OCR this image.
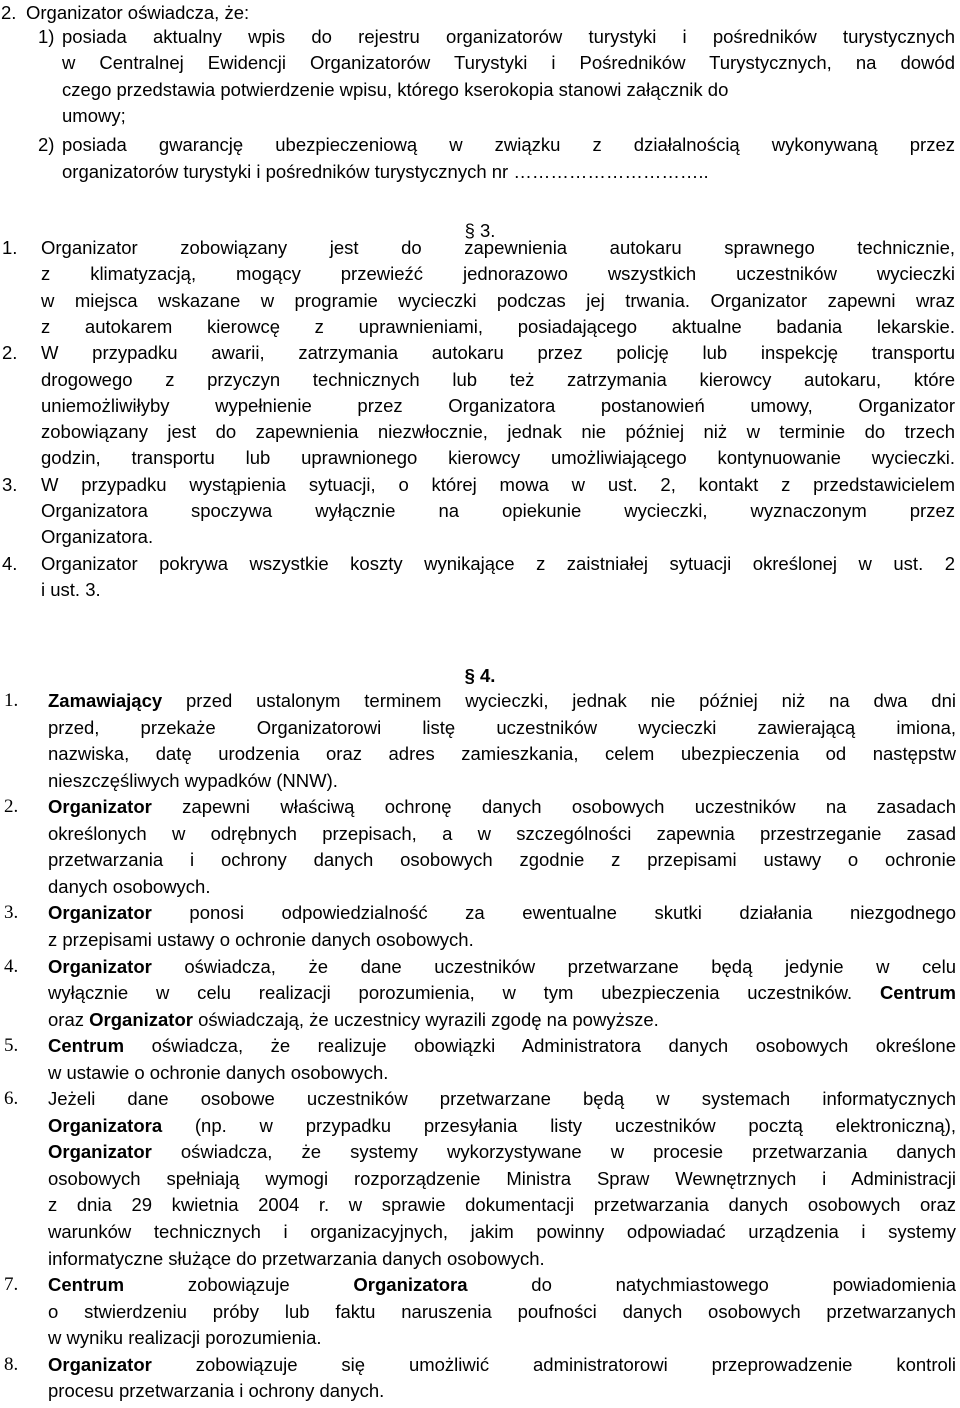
2. Organizator oświadcza, że:
1) posiada aktualny wpis do rejestru organizatorów turystyki i pośredników turystycznych
w Centralnej Ewidencji Organizatorów Turystyki i Pośredników Turystycznych, na dowód
czego przedstawia potwierdzenie wpisu, którego kserokopia stanowi załącznik do
umowy;
2) posiada gwarancję ubezpieczeniową w związku z działalnością wykonywaną przez
organizatorów turystyki i pośredników turystycznych nr …………………………..
§ 3.
1.	Organizator zobowiązany jest do zapewnienia autokaru sprawnego technicznie,
z klimatyzacją, mogący przewieźć jednorazowo wszystkich uczestników wycieczki
w miejsca wskazane w programie wycieczki podczas jej trwania. Organizator zapewni wraz
z autokarem kierowcę z uprawnieniami, posiadającego aktualne badania lekarskie.
2.	W przypadku awarii, zatrzymania autokaru przez policję lub inspekcję transportu
drogowego z przyczyn technicznych lub też zatrzymania kierowcy autokaru, które
uniemożliwiłyby wypełnienie przez Organizatora postanowień umowy, Organizator
zobowiązany jest do zapewnienia niezwłocznie, jednak nie później niż w terminie do trzech
godzin, transportu lub uprawnionego kierowcy umożliwiającego kontynuowanie wycieczki.
3.	W przypadku wystąpienia sytuacji, o której mowa w ust. 2, kontakt z przedstawicielem
Organizatora spoczywa wyłącznie na opiekunie wycieczki, wyznaczonym przez
Organizatora.
4.	Organizator pokrywa wszystkie koszty wynikające z zaistniałej sytuacji określonej w ust. 2
i ust. 3.
§ 4.
1.	Zamawiający przed ustalonym terminem wycieczki, jednak nie później niż na dwa dni
przed, przekaże Organizatorowi listę uczestników wycieczki zawierającą imiona,
nazwiska, datę urodzenia oraz adres zamieszkania, celem ubezpieczenia od następstw
nieszczęśliwych wypadków (NNW).
2.	Organizator zapewni właściwą ochronę danych osobowych uczestników na zasadach
określonych w odrębnych przepisach, a w szczególności zapewnia przestrzeganie zasad
przetwarzania i ochrony danych osobowych zgodnie z przepisami ustawy o ochronie
danych osobowych.
3.	Organizator ponosi odpowiedzialność za ewentualne skutki działania niezgodnego
z przepisami ustawy o ochronie danych osobowych.
4.	Organizator oświadcza, że dane uczestników przetwarzane będą jedynie w celu
wyłącznie w celu realizacji porozumienia, w tym ubezpieczenia uczestników. Centrum
oraz Organizator oświadczają, że uczestnicy wyrazili zgodę na powyższe.
5.	Centrum oświadcza, że realizuje obowiązki Administratora danych osobowych określone
w ustawie o ochronie danych osobowych.
6.	Jeżeli dane osobowe uczestników przetwarzane będą w systemach informatycznych
Organizatora (np. w przypadku przesyłania listy uczestników pocztą elektroniczną),
Organizator oświadcza, że systemy wykorzystywane w procesie przetwarzania danych
osobowych spełniają wymogi rozporządzenie Ministra Spraw Wewnętrznych i Administracji
z dnia 29 kwietnia 2004 r. w sprawie dokumentacji przetwarzania danych osobowych oraz
warunków technicznych i organizacyjnych, jakim powinny odpowiadać urządzenia i systemy
informatyczne służące do przetwarzania danych osobowych.
7.	Centrum zobowiązuje Organizatora do natychmiastowego powiadomienia
o stwierdzeniu próby lub faktu naruszenia poufności danych osobowych przetwarzanych
w wyniku realizacji porozumienia.
8.	Organizator zobowiązuje się umożliwić administratorowi przeprowadzenie kontroli
procesu przetwarzania i ochrony danych.
